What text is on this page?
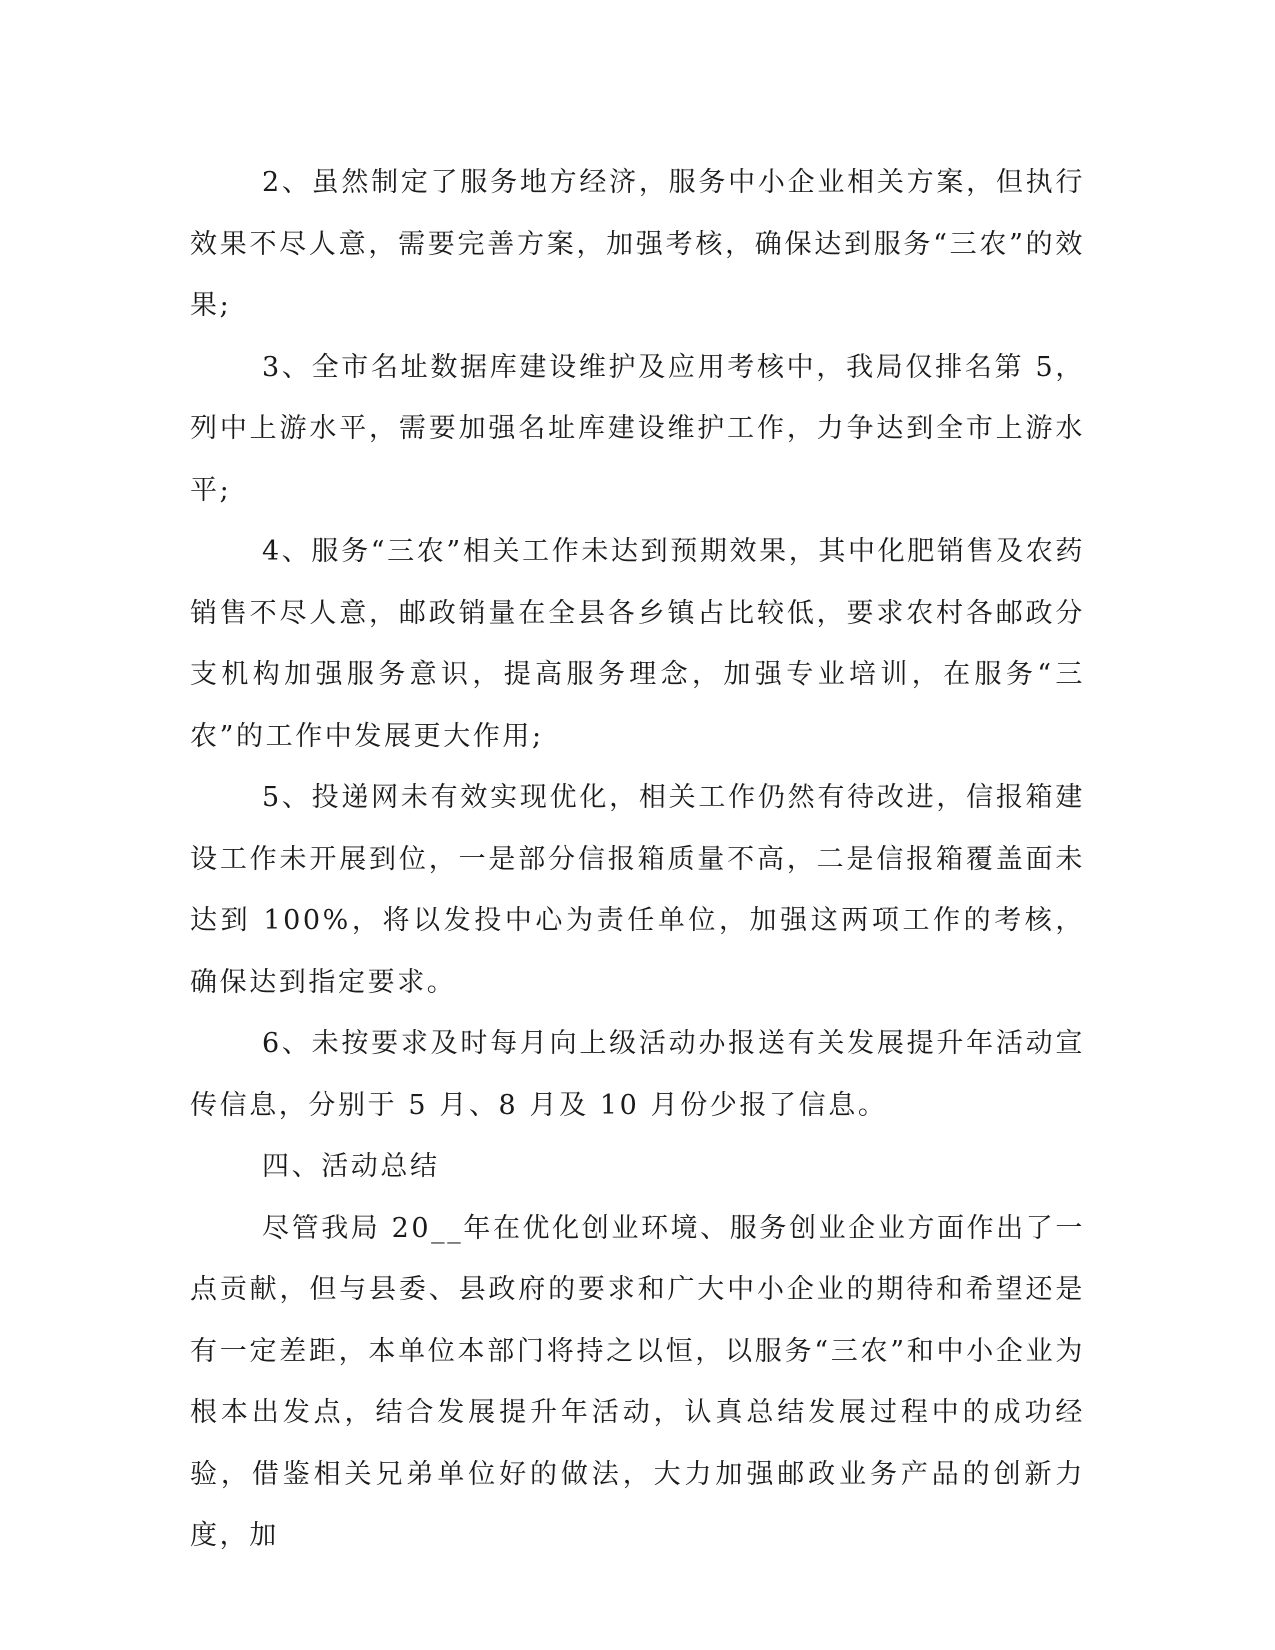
2、虽然制定了服务地方经济，服务中小企业相关方案，但执行效果不尽人意，需要完善方案，加强考核，确保达到服务“三农”的效果;

3、全市名址数据库建设维护及应用考核中，我局仅排名第 5，列中上游水平，需要加强名址库建设维护工作，力争达到全市上游水平;

4、服务“三农”相关工作未达到预期效果，其中化肥销售及农药销售不尽人意，邮政销量在全县各乡镇占比较低，要求农村各邮政分支机构加强服务意识，提高服务理念，加强专业培训，在服务“三农”的工作中发展更大作用;

5、投递网未有效实现优化，相关工作仍然有待改进，信报箱建设工作未开展到位，一是部分信报箱质量不高，二是信报箱覆盖面未达到 100%，将以发投中心为责任单位，加强这两项工作的考核，确保达到指定要求。

6、未按要求及时每月向上级活动办报送有关发展提升年活动宣传信息，分别于 5 月、8 月及 10 月份少报了信息。

四、活动总结

尽管我局 20__年在优化创业环境、服务创业企业方面作出了一点贡献，但与县委、县政府的要求和广大中小企业的期待和希望还是有一定差距，本单位本部门将持之以恒，以服务“三农”和中小企业为根本出发点，结合发展提升年活动，认真总结发展过程中的成功经验，借鉴相关兄弟单位好的做法，大力加强邮政业务产品的创新力度，加
